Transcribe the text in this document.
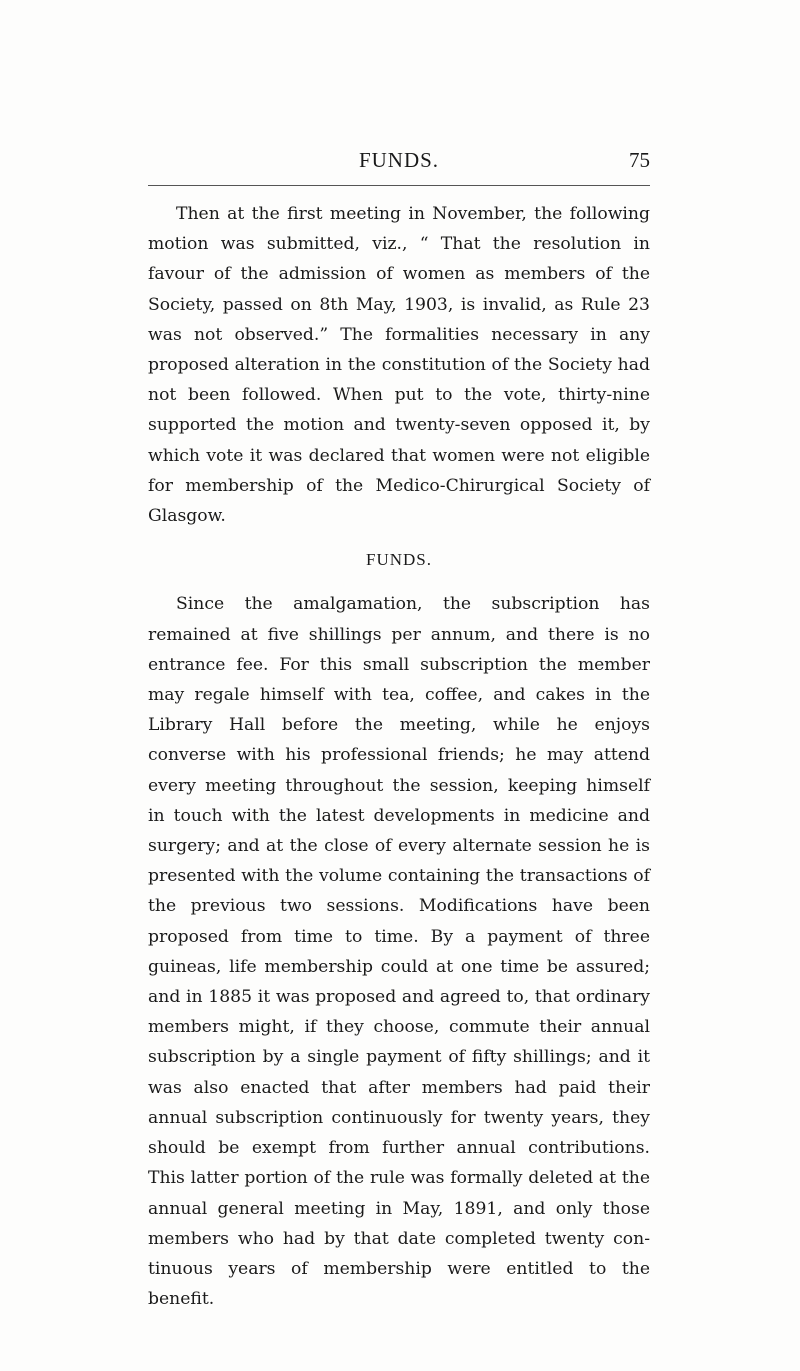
FUNDS.	75

Then at the first meeting in November, the following motion was submitted, viz., “ That the resolution in favour of the admission of women as members of the Society, passed on 8th May, 1903, is invalid, as Rule 23 was not observed.” The formalities necessary in any proposed alteration in the constitution of the Society had not been followed. When put to the vote, thirty-nine supported the motion and twenty-seven opposed it, by which vote it was declared that women were not eligible for membership of the Medico-Chirurgical Society of Glasgow.

FUNDS.

Since the amalgamation, the subscription has remained at five shillings per annum, and there is no entrance fee. For this small subscription the member may regale himself with tea, coffee, and cakes in the Library Hall before the meeting, while he enjoys converse with his professional friends; he may attend every meeting throughout the session, keeping himself in touch with the latest developments in medicine and surgery; and at the close of every alternate session he is presented with the volume containing the transactions of the previous two sessions. Modifications have been proposed from time to time. By a payment of three guineas, life membership could at one time be assured; and in 1885 it was proposed and agreed to, that ordinary members might, if they choose, commute their annual subscription by a single payment of fifty shillings; and it was also enacted that after members had paid their annual subscription continuously for twenty years, they should be exempt from further annual contributions. This latter portion of the rule was formally deleted at the annual general meeting in May, 1891, and only those members who had by that date completed twenty continuous years of membership were entitled to the benefit.
